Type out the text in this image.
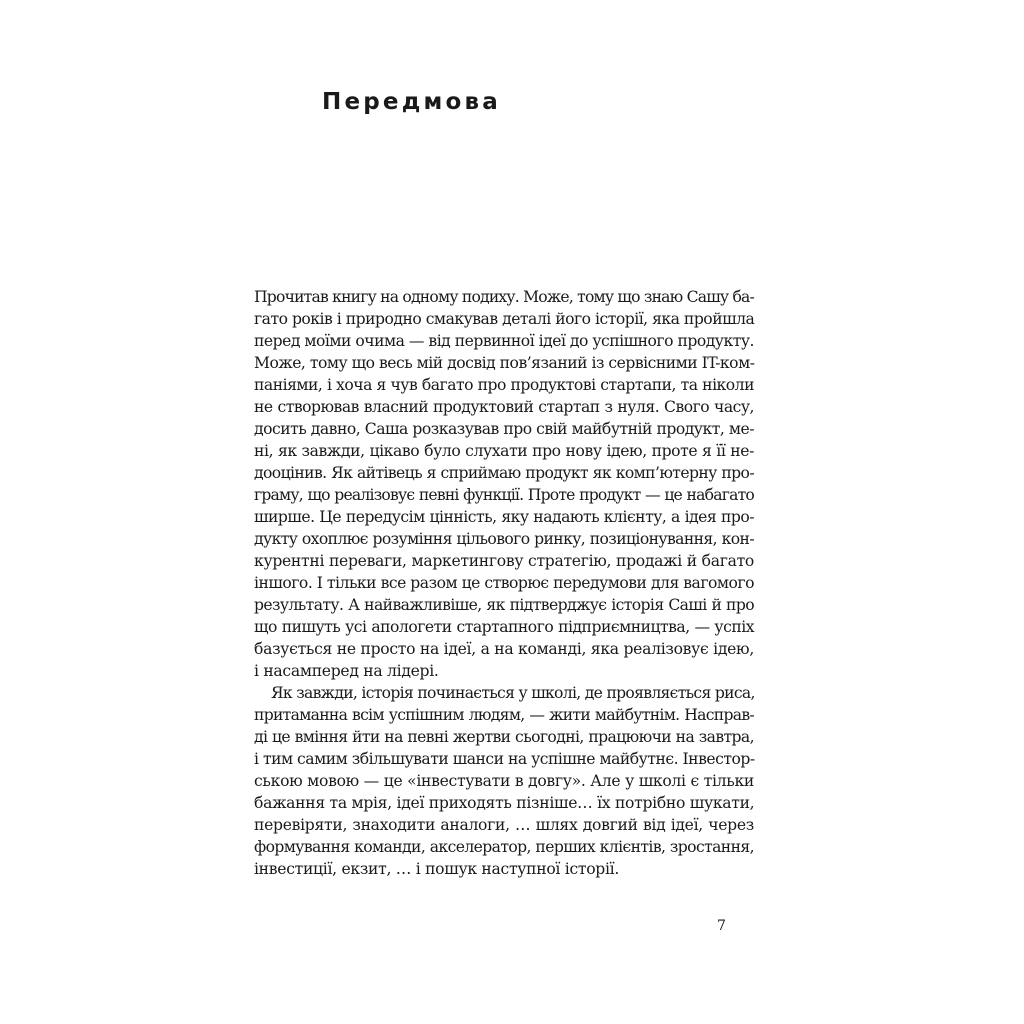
Передмова
Прочитав книгу на одному подиху. Може, тому що знаю Сашу ба-
гато років і природно смакував деталі його історії, яка пройшла
перед моїми очима — від первинної ідеї до успішного продукту.
Може, тому що весь мій досвід пов’язаний із сервісними IT-ком-
паніями, і хоча я чув багато про продуктові стартапи, та ніколи
не створював власний продуктовий стартап з нуля. Свого часу,
досить давно, Саша розказував про свій майбутній продукт, ме-
ні, як завжди, цікаво було слухати про нову ідею, проте я її не-
дооцінив. Як айтівець я сприймаю продукт як комп’ютерну про-
граму, що реалізовує певні функції. Проте продукт — це набагато
ширше. Це передусім цінність, яку надають клієнту, а ідея про-
дукту охоплює розуміння цільового ринку, позиціонування, кон-
курентні переваги, маркетингову стратегію, продажі й багато
іншого. І тільки все разом це створює передумови для вагомого
результату. А найважливіше, як підтверджує історія Саші й про
що пишуть усі апологети стартапного підприємництва, — успіх
базується не просто на ідеї, а на команді, яка реалізовує ідею,
і насамперед на лідері.
Як завжди, історія починається у школі, де проявляється риса,
притаманна всім успішним людям, — жити майбутнім. Насправ-
ді це вміння йти на певні жертви сьогодні, працюючи на завтра,
і тим самим збільшувати шанси на успішне майбутнє. Інвестор-
ською мовою — це «інвестувати в довгу». Але у школі є тільки
бажання та мрія, ідеї приходять пізніше… їх потрібно шукати,
перевіряти, знаходити аналоги, … шлях довгий від ідеї, через
формування команди, акселератор, перших клієнтів, зростання,
інвестиції, екзит, … і пошук наступної історії.
7
